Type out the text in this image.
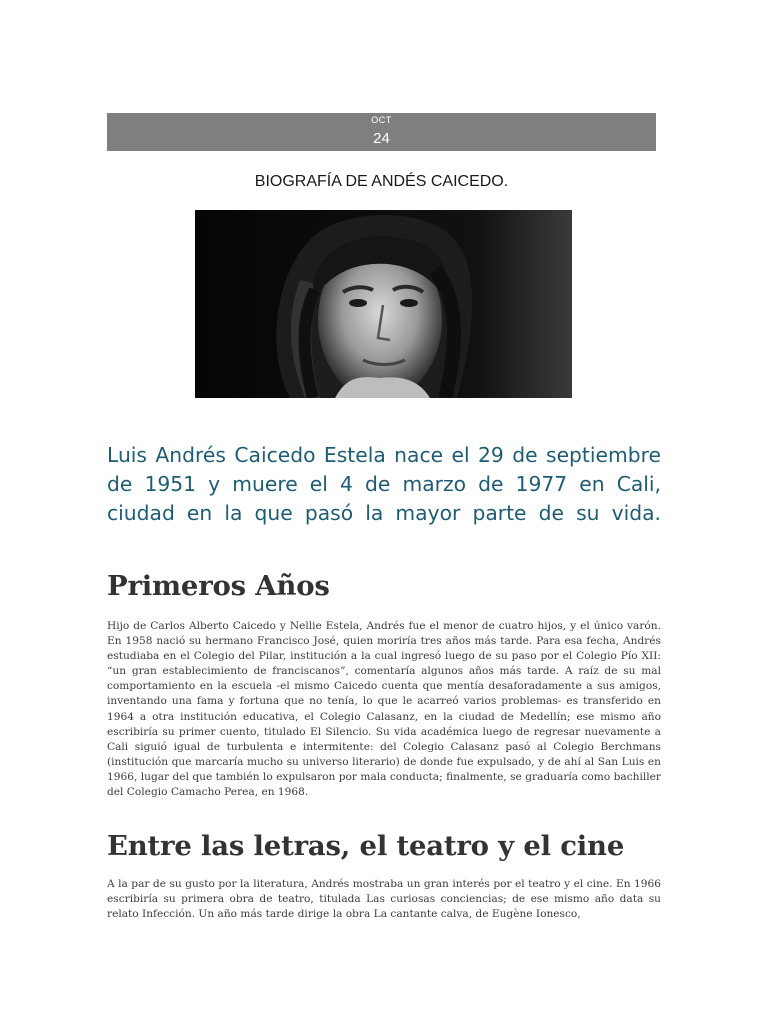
OCT
24
BIOGRAFÍA DE ANDÉS CAICEDO.
Luis Andrés Caicedo Estela nace el 29 de septiembre de 1951 y muere el 4 de marzo de 1977 en Cali, ciudad en la que pasó la mayor parte de su vida.
Primeros Años

Hijo de Carlos Alberto Caicedo y Nellie Estela, Andrés fue el menor de cuatro hijos, y el único varón. En 1958 nació su hermano Francisco José, quien moriría tres años más tarde. Para esa fecha, Andrés estudiaba en el Colegio del Pilar, institución a la cual ingresó luego de su paso por el Colegio Pío XII: “un gran establecimiento de franciscanos”, comentaría algunos años más tarde. A raíz de su mal comportamiento en la escuela -el mismo Caicedo cuenta que mentía desaforadamente a sus amigos, inventando una fama y fortuna que no tenía, lo que le acarreó varios problemas- es transferido en 1964 a otra institución educativa, el Colegio Calasanz, en la ciudad de Medellín; ese mismo año escribiría su primer cuento, titulado El Silencio. Su vida académica luego de regresar nuevamente a Cali siguió igual de turbulenta e intermitente: del Colegio Calasanz pasó al Colegio Berchmans (institución que marcaría mucho su universo literario) de donde fue expulsado, y de ahí al San Luis en 1966, lugar del que también lo expulsaron por mala conducta; finalmente, se graduaría como bachiller del Colegio Camacho Perea, en 1968.

Entre las letras, el teatro y el cine

A la par de su gusto por la literatura, Andrés mostraba un gran interés por el teatro y el cine. En 1966 escribiría su primera obra de teatro, titulada Las curiosas conciencias; de ese mismo año data su relato Infección. Un año más tarde dirige la obra La cantante calva, de Eugène Ionesco,
